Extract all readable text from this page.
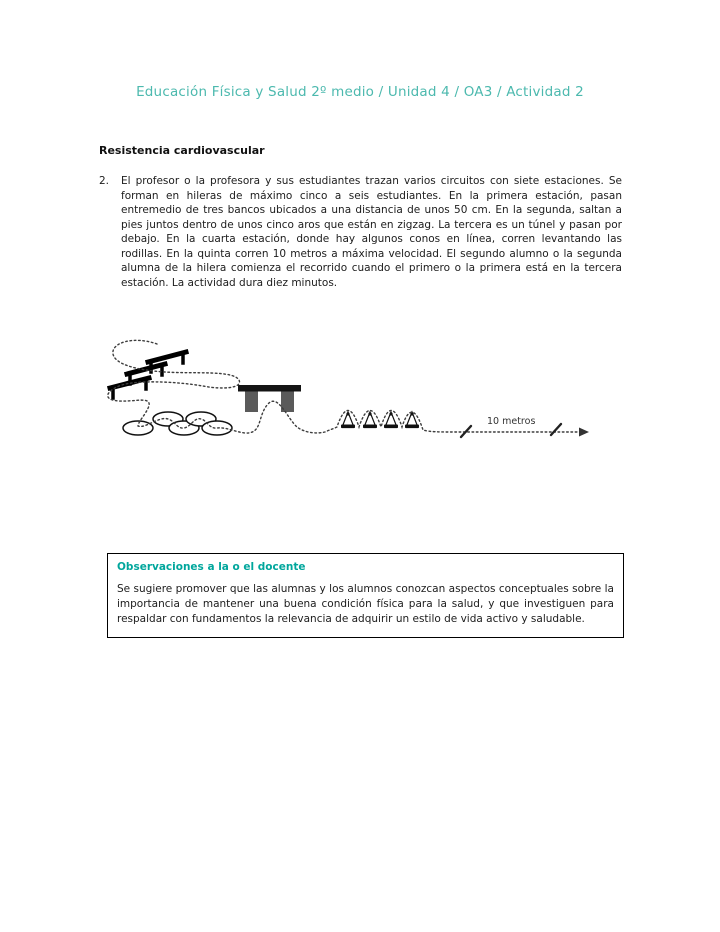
Educación Física y Salud 2º medio / Unidad 4 / OA3 / Actividad 2
Resistencia cardiovascular
2.	El profesor o la profesora y sus estudiantes trazan varios circuitos con siete estaciones. Se forman en hileras de máximo cinco a seis estudiantes. En la primera estación, pasan entremedio de tres bancos ubicados a una distancia de unos 50 cm. En la segunda, saltan a pies juntos dentro de unos cinco aros que están en zigzag. La tercera es un túnel y pasan por debajo. En la cuarta estación, donde hay algunos conos en línea, corren levantando las rodillas. En la quinta corren 10 metros a máxima velocidad. El segundo alumno o la segunda alumna de la hilera comienza el recorrido cuando el primero o la primera está en la tercera estación. La actividad dura diez minutos.

10 metros
Observaciones a la o el docente

Se sugiere promover que las alumnas y los alumnos conozcan aspectos conceptuales sobre la importancia de mantener una buena condición física para la salud, y que investiguen para respaldar con fundamentos la relevancia de adquirir un estilo de vida activo y saludable.
